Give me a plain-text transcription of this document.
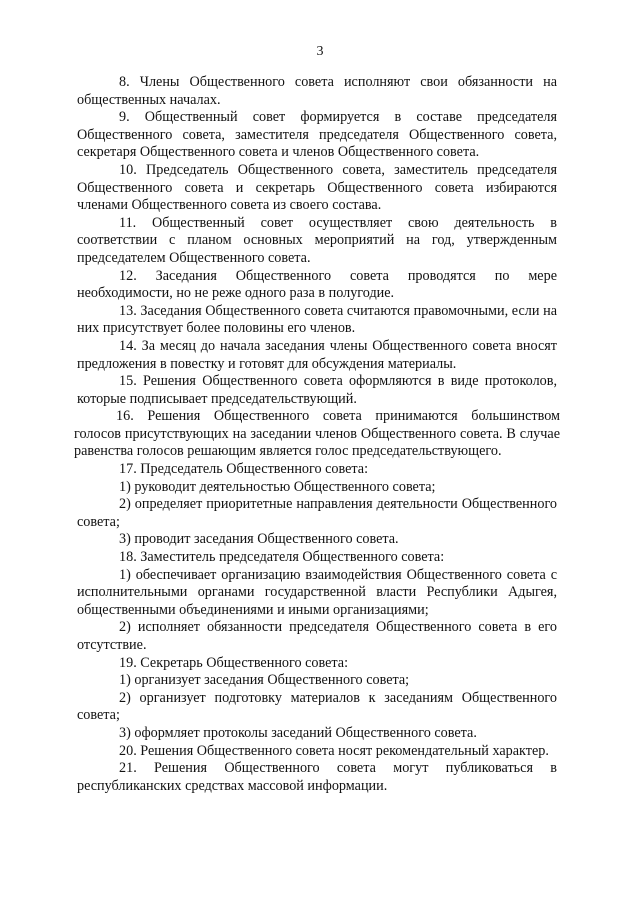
3

8. Члены Общественного совета исполняют свои обязанности на общественных началах.

9. Общественный совет формируется в составе председателя Общественного совета, заместителя председателя Общественного совета, секретаря Общественного совета и членов Общественного совета.

10. Председатель Общественного совета, заместитель председателя Общественного совета и секретарь Общественного совета избираются членами Общественного совета из своего состава.

11. Общественный совет осуществляет свою деятельность в соответствии с планом основных мероприятий на год, утвержденным председателем Общественного совета.

12. Заседания Общественного совета проводятся по мере необходимости, но не реже одного раза в полугодие.

13. Заседания Общественного совета считаются правомочными, если на них присутствует более половины его членов.

14. За месяц до начала заседания члены Общественного совета вносят предложения в повестку и готовят для обсуждения материалы.

15. Решения Общественного совета оформляются в виде протоколов, которые подписывает председательствующий.

16. Решения Общественного совета принимаются большинством голосов присутствующих на заседании членов Общественного совета. В случае равенства голосов решающим является голос председательствующего.

17. Председатель Общественного совета:

1) руководит деятельностью Общественного совета;

2) определяет приоритетные направления деятельности Общественного совета;

3) проводит заседания Общественного совета.

18. Заместитель председателя Общественного совета:

1) обеспечивает организацию взаимодействия Общественного совета с исполнительными органами государственной власти Республики Адыгея, общественными объединениями и иными организациями;

2) исполняет обязанности председателя Общественного совета в его отсутствие.

19. Секретарь Общественного совета:

1) организует заседания Общественного совета;

2) организует подготовку материалов к заседаниям Общественного совета;

3) оформляет протоколы заседаний Общественного совета.

20. Решения Общественного совета носят рекомендательный характер.

21. Решения Общественного совета могут публиковаться в республиканских средствах массовой информации.
